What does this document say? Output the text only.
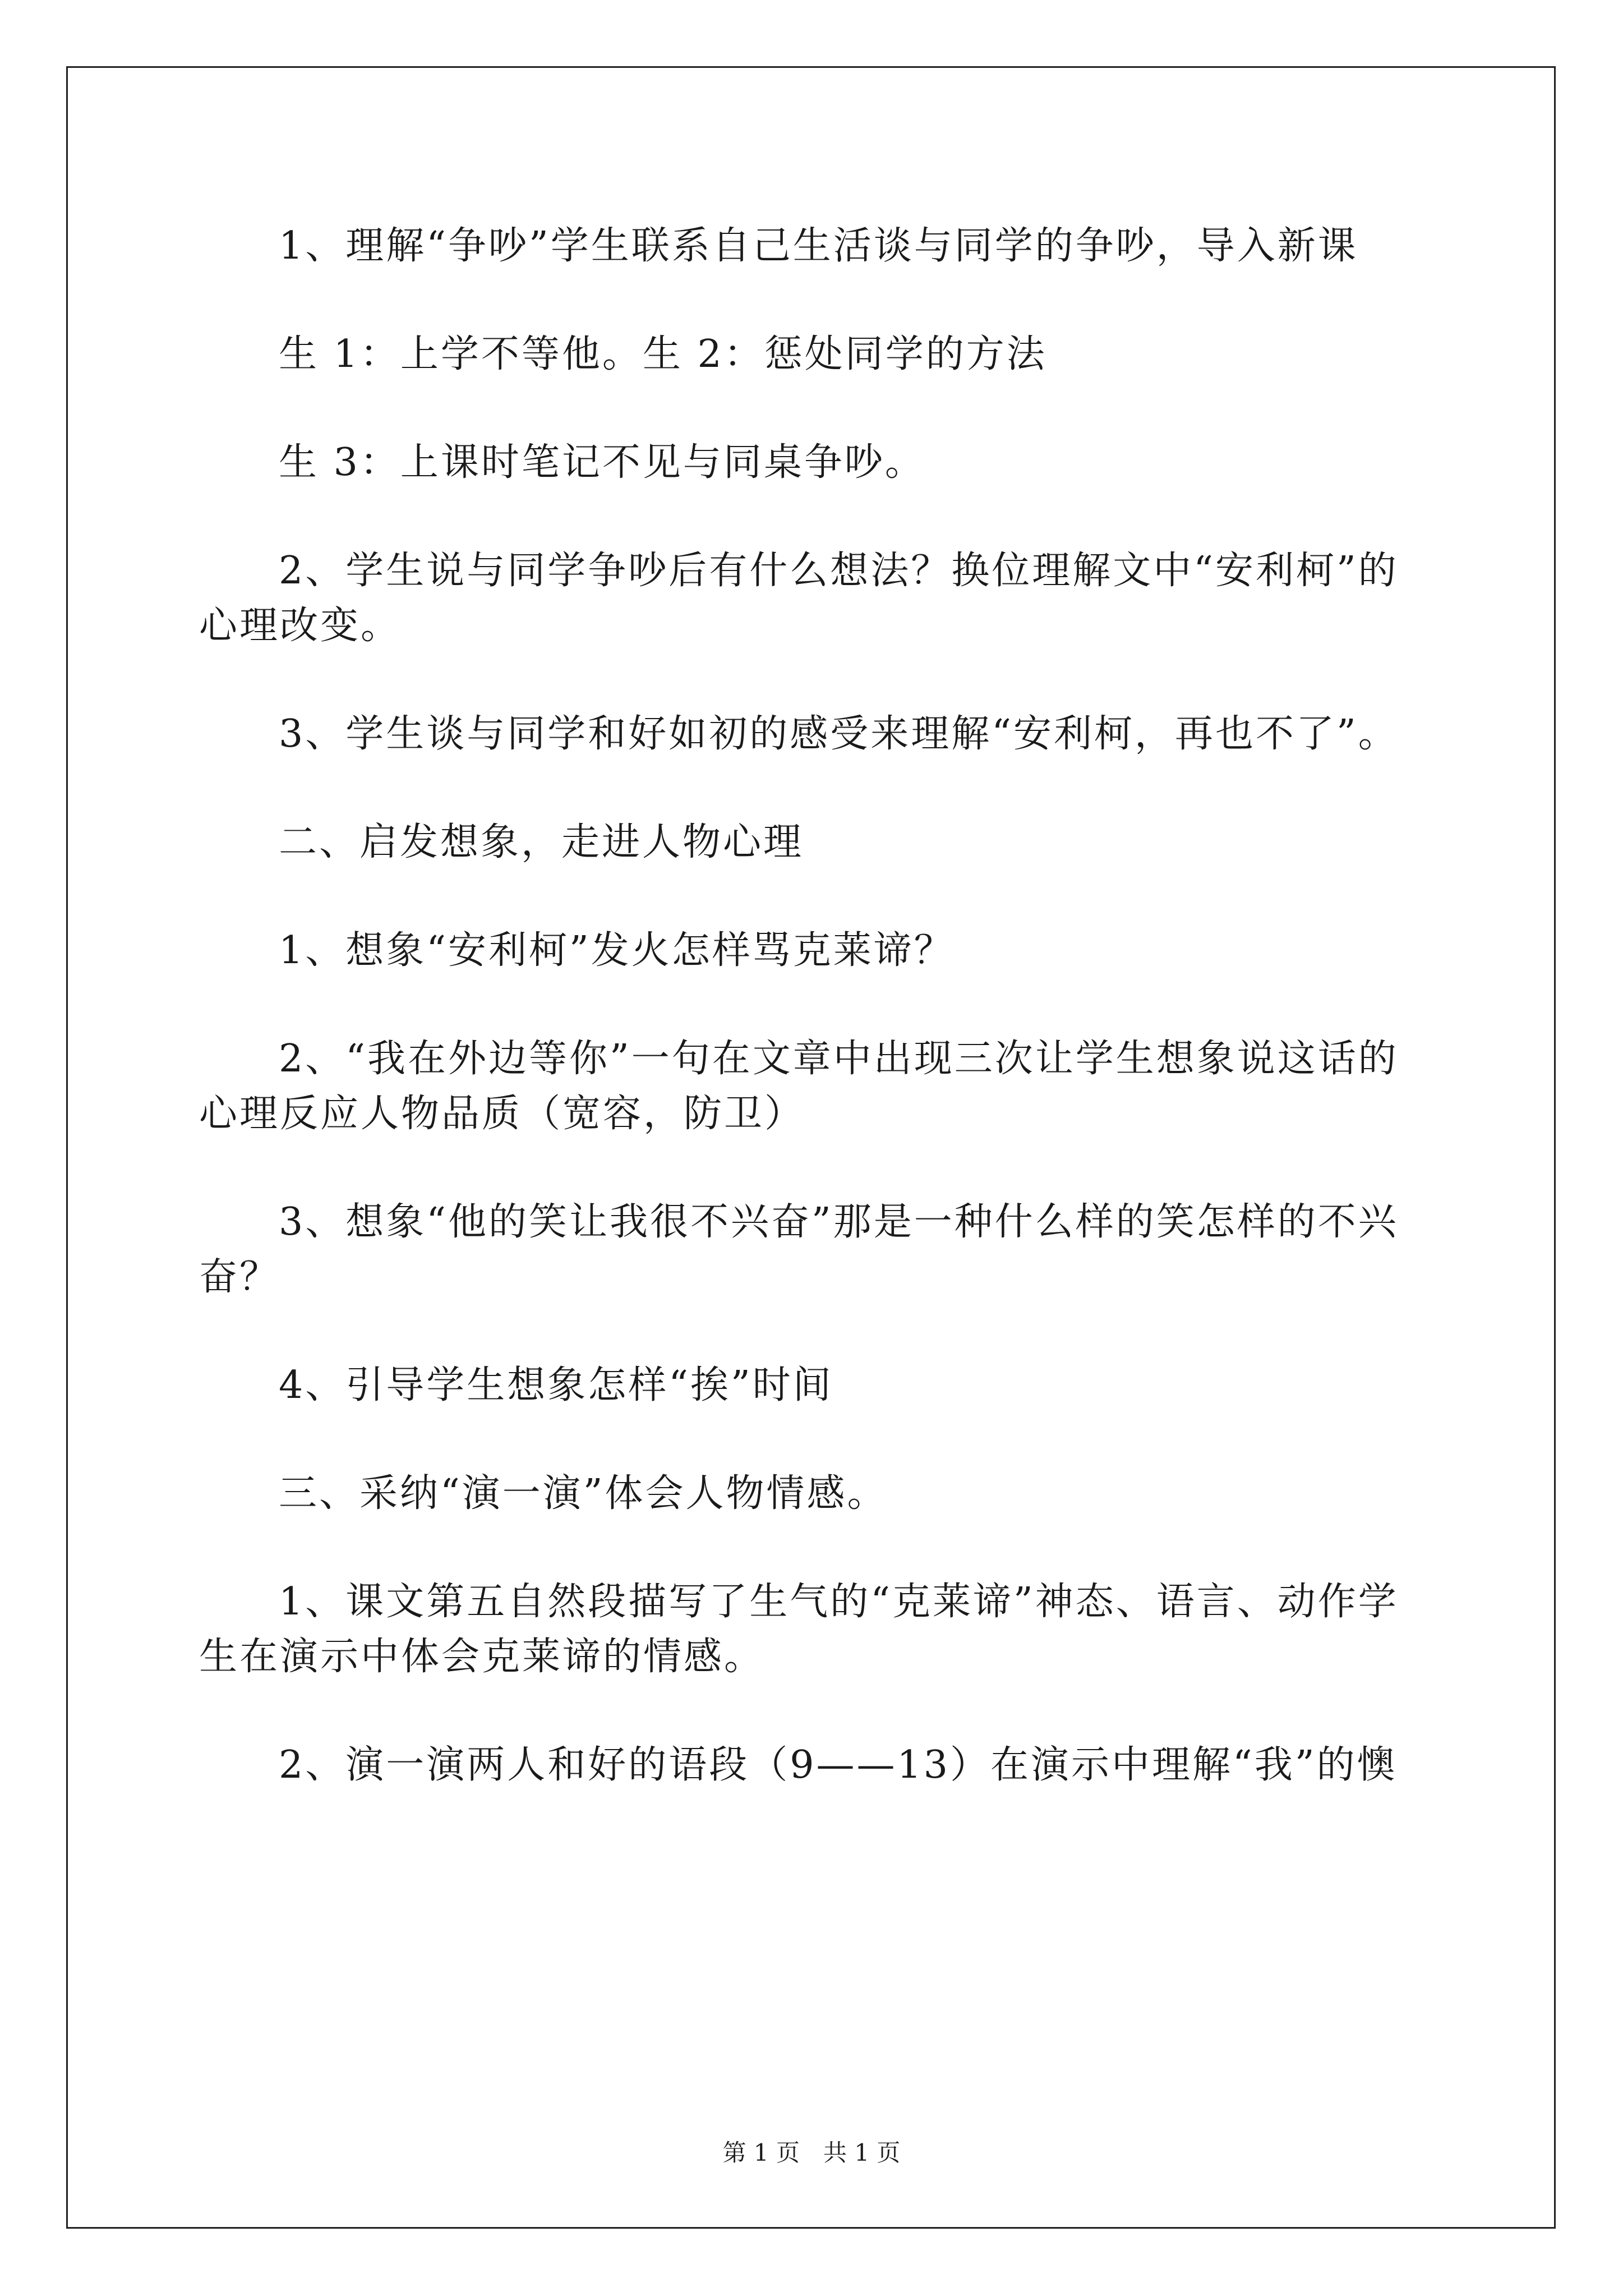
1、理解“争吵”学生联系自己生活谈与同学的争吵，导入新课

生 1：上学不等他。生 2：惩处同学的方法

生 3：上课时笔记不见与同桌争吵。

2、学生说与同学争吵后有什么想法？换位理解文中“安利柯”的心理改变。

3、学生谈与同学和好如初的感受来理解“安利柯，再也不了”。

二、启发想象，走进人物心理

1、想象“安利柯”发火怎样骂克莱谛？

2、“我在外边等你”一句在文章中出现三次让学生想象说这话的心理反应人物品质（宽容，防卫）

3、想象“他的笑让我很不兴奋”那是一种什么样的笑怎样的不兴奋？

4、引导学生想象怎样“挨”时间

三、采纳“演一演”体会人物情感。

1、课文第五自然段描写了生气的“克莱谛”神态、语言、动作学生在演示中体会克莱谛的情感。

2、演一演两人和好的语段（9——13）在演示中理解“我”的懊

第 1 页　共 1 页
